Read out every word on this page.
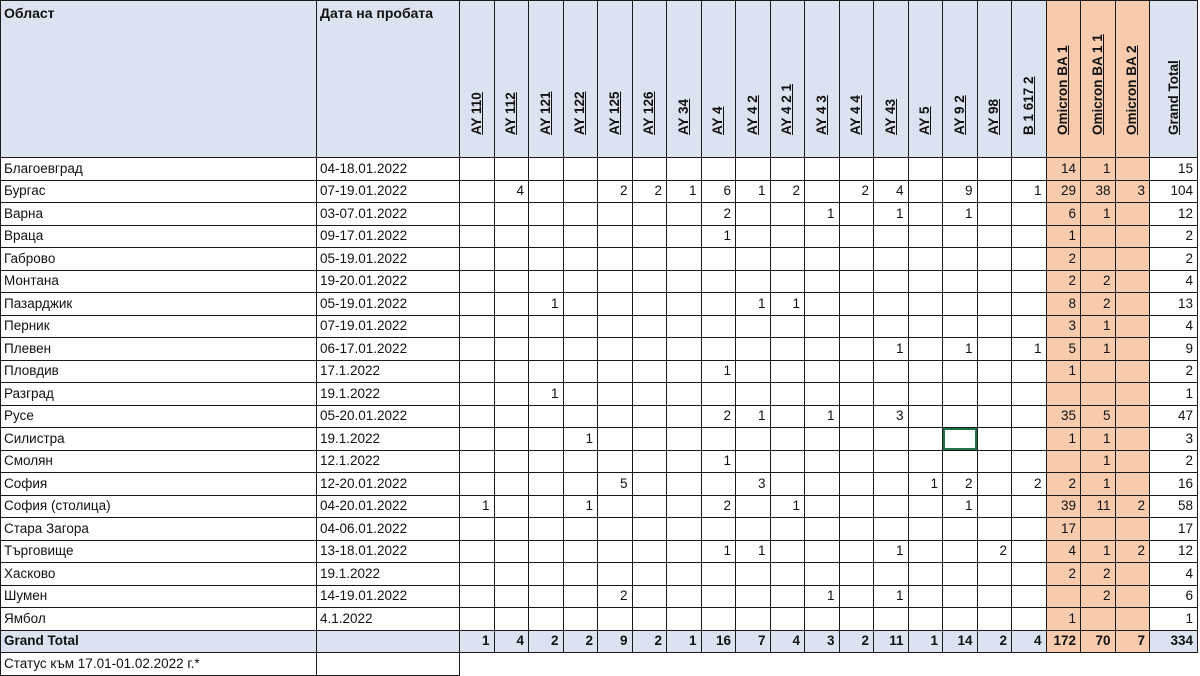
Област	Дата на пробата	AY 110	AY 112	AY 121	AY 122	AY 125	AY 126	AY 34	AY 4	AY 4 2	AY 4 2 1	AY 4 3	AY 4 4	AY 43	AY 5	AY 9 2	AY 98	B 1 617 2	Omicron BA 1	Omicron BA 1 1	Omicron BA 2	Grand Total

Благоевград	04-18.01.2022																		14	1		15
Бургас	07-19.01.2022		4			2	2	1	6	1	2		2	4		9		1	29	38	3	104
Варна	03-07.01.2022								2			1		1		1			6	1		12
Враца	09-17.01.2022								1										1			2
Габрово	05-19.01.2022																		2			2
Монтана	19-20.01.2022																		2	2		4
Пазарджик	05-19.01.2022			1						1	1								8	2		13
Перник	07-19.01.2022																		3	1		4
Плевен	06-17.01.2022													1		1		1	5	1		9
Пловдив	17.1.2022								1										1			2
Разград	19.1.2022			1																		1
Русе	05-20.01.2022								2	1		1		3					35	5		47
Силистра	19.1.2022				1														1	1		3
Смолян	12.1.2022								1											1		2
София	12-20.01.2022					5				3					1	2		2	2	1		16
София (столица)	04-20.01.2022	1			1				2		1					1			39	11	2	58
Стара Загора	04-06.01.2022																		17			17
Търговище	13-18.01.2022								1	1				1			2		4	1	2	12
Хасково	19.1.2022																		2	2		4
Шумен	14-19.01.2022					2						1		1						2		6
Ямбол	4.1.2022																		1			1
Grand Total		1	4	2	2	9	2	1	16	7	4	3	2	11	1	14	2	4	172	70	7	334
Статус към 17.01-01.02.2022 г.*																						
